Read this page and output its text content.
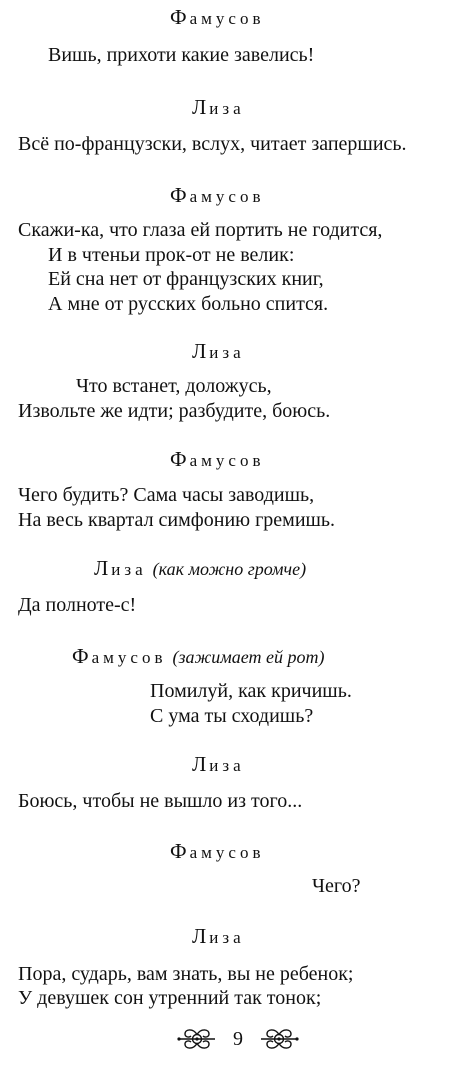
Фамусов
Вишь, прихоти какие завелись!
Лиза
Всё по-французски, вслух, читает запершись.
Фамусов
Скажи-ка, что глаза ей портить не годится,
И в чтеньи прок-от не велик:
Ей сна нет от французских книг,
А мне от русских больно спится.
Лиза
Что встанет, доложусь,
Извольте же идти; разбудите, боюсь.
Фамусов
Чего будить? Сама часы заводишь,
На весь квартал симфонию гремишь.
Лиза (как можно громче)
Да полноте-с!
Фамусов (зажимает ей рот)
Помилуй, как кричишь.
С ума ты сходишь?
Лиза
Боюсь, чтобы не вышло из того...
Фамусов
Чего?
Лиза
Пора, сударь, вам знать, вы не ребенок;
У девушек сон утренний так тонок;
9
